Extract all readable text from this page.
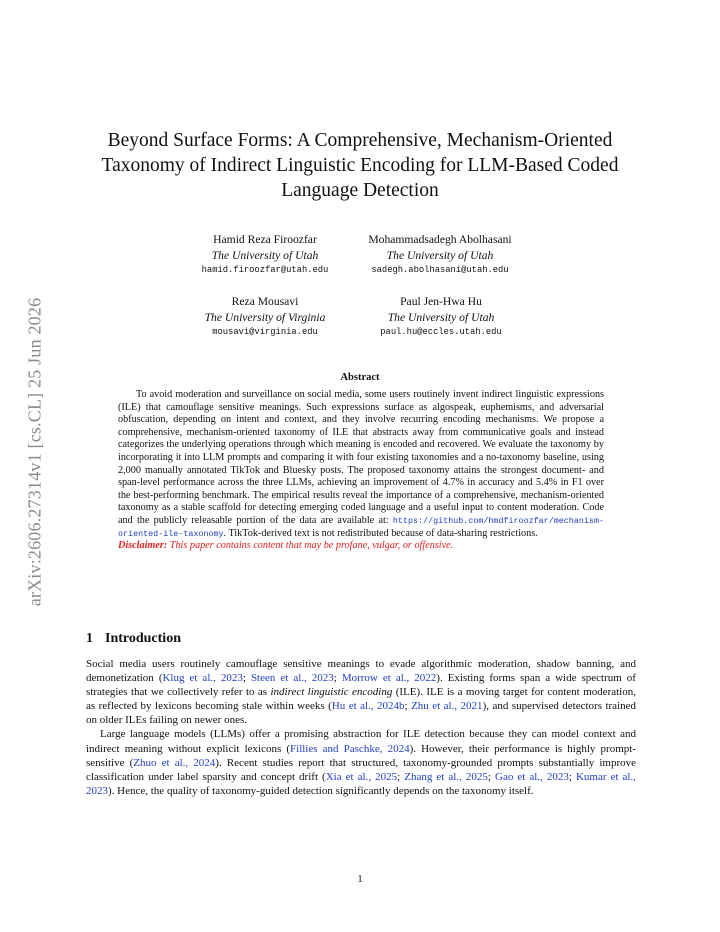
arXiv:2606.27314v1 [cs.CL] 25 Jun 2026
Beyond Surface Forms: A Comprehensive, Mechanism-Oriented Taxonomy of Indirect Linguistic Encoding for LLM-Based Coded Language Detection
Hamid Reza Firoozfar
The University of Utah
hamid.firoozfar@utah.edu
Mohammadsadegh Abolhasani
The University of Utah
sadegh.abolhasani@utah.edu
Reza Mousavi
The University of Virginia
mousavi@virginia.edu
Paul Jen-Hwa Hu
The University of Utah
paul.hu@eccles.utah.edu
Abstract

To avoid moderation and surveillance on social media, some users routinely invent indirect linguistic expressions (ILE) that camouflage sensitive meanings. Such expressions surface as algospeak, euphemisms, and adversarial obfuscation, depending on intent and context, and they involve recurring encoding mechanisms. We propose a comprehensive, mechanism-oriented taxonomy of ILE that abstracts away from communicative goals and instead categorizes the underlying operations through which meaning is encoded and recovered. We evaluate the taxonomy by incorporating it into LLM prompts and comparing it with four existing taxonomies and a no-taxonomy baseline, using 2,000 manually annotated TikTok and Bluesky posts. The proposed taxonomy attains the strongest document- and span-level performance across the three LLMs, achieving an improvement of 4.7% in accuracy and 5.4% in F1 over the best-performing benchmark. The empirical results reveal the importance of a comprehensive, mechanism-oriented taxonomy as a stable scaffold for detecting emerging coded language and a useful input to content moderation. Code and the publicly releasable portion of the data are available at: https://github.com/hmdfiroozfar/mechanism-oriented-ile-taxonomy. TikTok-derived text is not redistributed because of data-sharing restrictions.

Disclaimer: This paper contains content that may be profane, vulgar, or offensive.
1 Introduction

Social media users routinely camouflage sensitive meanings to evade algorithmic moderation, shadow banning, and demonetization (Klug et al., 2023; Steen et al., 2023; Morrow et al., 2022). Existing forms span a wide spectrum of strategies that we collectively refer to as indirect linguistic encoding (ILE). ILE is a moving target for content moderation, as reflected by lexicons becoming stale within weeks (Hu et al., 2024b; Zhu et al., 2021), and supervised detectors trained on older ILEs failing on newer ones.

Large language models (LLMs) offer a promising abstraction for ILE detection because they can model context and indirect meaning without explicit lexicons (Fillies and Paschke, 2024). However, their performance is highly prompt-sensitive (Zhuo et al., 2024). Recent studies report that structured, taxonomy-grounded prompts substantially improve classification under label sparsity and concept drift (Xia et al., 2025; Zhang et al., 2025; Gao et al., 2023; Kumar et al., 2023). Hence, the quality of taxonomy-guided detection significantly depends on the taxonomy itself.

1
